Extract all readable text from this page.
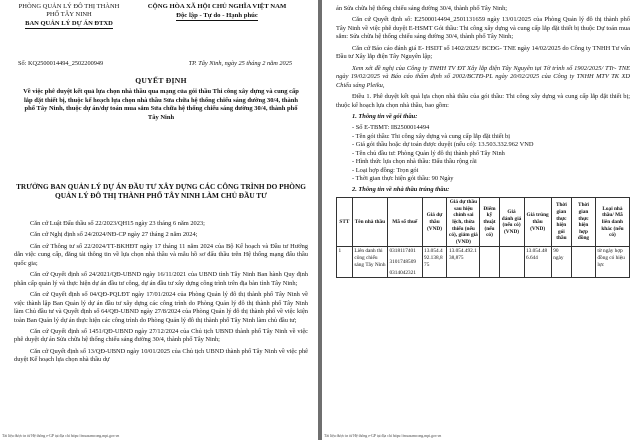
PHÒNG QUẢN LÝ ĐÔ THỊ THÀNH PHỐ TÂY NINH
BAN QUẢN LÝ DỰ ÁN ĐTXD
CỘNG HÒA XÃ HỘI CHỦ NGHĨA VIỆT NAM
Độc lập - Tự do - Hạnh phúc
Số: KQ2500014494_2502200949	TP. Tây Ninh, ngày 25 tháng 2 năm 2025
QUYẾT ĐỊNH
Về việc phê duyệt kết quả lựa chọn nhà thầu qua mạng của gói thầu Thi công xây dựng và cung cấp lắp đặt thiết bị, thuộc kế hoạch lựa chọn nhà thầu Sửa chữa hệ thống chiếu sáng đường 30/4, thành phố Tây Ninh, thuộc dự án/dự toán mua sắm Sửa chữa hệ thống chiếu sáng đường 30/4, thành phố Tây Ninh
TRƯỞNG BAN QUẢN LÝ DỰ ÁN ĐẦU TƯ XÂY DỰNG CÁC CÔNG TRÌNH DO PHÒNG QUẢN LÝ ĐÔ THỊ THÀNH PHỐ TÂY NINH LÀM CHỦ ĐẦU TƯ

Căn cứ Luật Đấu thầu số 22/2023/QH15 ngày 23 tháng 6 năm 2023;

Căn cứ Nghị định số 24/2024/NĐ-CP ngày 27 tháng 2 năm 2024;

Căn cứ Thông tư số 22/2024/TT-BKHĐT ngày 17 tháng 11 năm 2024 của Bộ Kế hoạch và Đầu tư Hướng dẫn việc cung cấp, đăng tải thông tin về lựa chọn nhà thầu và mẫu hồ sơ đấu thầu trên Hệ thống mạng đấu thầu quốc gia;

Căn cứ Quyết định số 24/2021/QĐ-UBND ngày 16/11/2021 của UBND tỉnh Tây Ninh Ban hành Quy định phân cấp quản lý và thực hiện dự án đầu tư công, dự án đầu tư xây dựng công trình trên địa bàn tỉnh Tây Ninh;

Căn cứ Quyết định số 04/QĐ-PQLĐT ngày 17/01/2024 của Phòng Quản lý đô thị thành phố Tây Ninh về việc thành lập Ban Quản lý dự án đầu tư xây dựng các công trình do Phòng Quản lý đô thị thành phố Tây Ninh làm Chủ đầu tư và Quyết định số 64/QĐ-UBND ngày 27/8/2024 của Phòng Quản lý đô thị thành phố về việc kiện toàn Ban Quản lý dự án thực hiện các công trình do Phòng Quản lý đô thị thành phố Tây Ninh làm chủ đầu tư;

Căn cứ Quyết định số 1451/QĐ-UBND ngày 27/12/2024 của Chủ tịch UBND thành phố Tây Ninh về việc phê duyệt dự án Sửa chữa hệ thống chiếu sáng đường 30/4, thành phố Tây Ninh;

Căn cứ Quyết định số 13/QĐ-UBND ngày 10/01/2025 của Chủ tịch UBND thành phố Tây Ninh về việc phê duyệt Kế hoạch lựa chọn nhà thầu dự

Tài liệu được in từ Hệ thống e-GP tại địa chỉ https://muasamcong.mpi.gov.vn

án Sửa chữa hệ thống chiếu sáng đường 30/4, thành phố Tây Ninh;

Căn cứ Quyết định số: E2500014494_2501131659 ngày 13/01/2025 của Phòng Quản lý đô thị thành phố Tây Ninh về việc phê duyệt E-HSMT Gói thầu: Thi công xây dựng và cung cấp lắp đặt thiết bị thuộc Dự toán mua sắm: Sửa chữa hệ thống chiếu sáng đường 30/4, thành phố Tây Ninh;

Căn cứ Báo cáo đánh giá E- HSDT số 1402/2025/ BCĐG- TNE ngày 14/02/2025 do Công ty TNHH Tư vấn Đầu tư Xây lắp điện Tây Nguyên lập;

Xem xét đề nghị của Công ty TNHH TV ĐT Xây lắp điện Tây Nguyên tại Tờ trình số 1902/2025/ TTr- TNE ngày 19/02/2025 và Báo cáo thẩm định số 2002/BCTĐ-PL ngày 20/02/2025 của Công ty TNHH MTV TK XD Chiếu sáng Pleiku,

Điều 1. Phê duyệt kết quả lựa chọn nhà thầu của gói thầu: Thi công xây dựng và cung cấp lắp đặt thiết bị; thuộc kế hoạch lựa chọn nhà thầu, bao gồm:

1. Thông tin về gói thầu:

- Số E-TBMT: IB2500014494
- Tên gói thầu: Thi công xây dựng và cung cấp lắp đặt thiết bị
- Giá gói thầu hoặc dự toán được duyệt (nếu có): 13.503.332.962 VND
- Tên chủ đầu tư: Phòng Quản lý đô thị thành phố Tây Ninh
- Hình thức lựa chọn nhà thầu: Đấu thầu rộng rãi
- Loại hợp đồng: Trọn gói
- Thời gian thực hiện gói thầu: 90 Ngày

2. Thông tin về nhà thầu trúng thầu:

STT	Tên nhà thầu	Mã số thuế	Giá dự thầu (VND)	Giá dự thầu sau hiệu chỉnh sai lệch, thừa thiếu (nếu có), giảm giá (VND)	Điểm kỹ thuật (nếu có)	Giá đánh giá (nếu có) (VND)	Giá trúng thầu (VND)	Thời gian thực hiện gói thầu	Thời gian thực hiện hợp đồng	Loại nhà thầu/ Mã liên danh khác (nếu có)
1	Liên danh thi công chiếu sáng Tây Ninh	0318117401
3101748509
0314042321	13.054.492.138,875	13.054.492.138,875			13.054.486.644	90 ngày		từ ngày hợp đồng có hiệu lực
Tài liệu được in từ Hệ thống e-GP tại địa chỉ https://muasamcong.mpi.gov.vn
